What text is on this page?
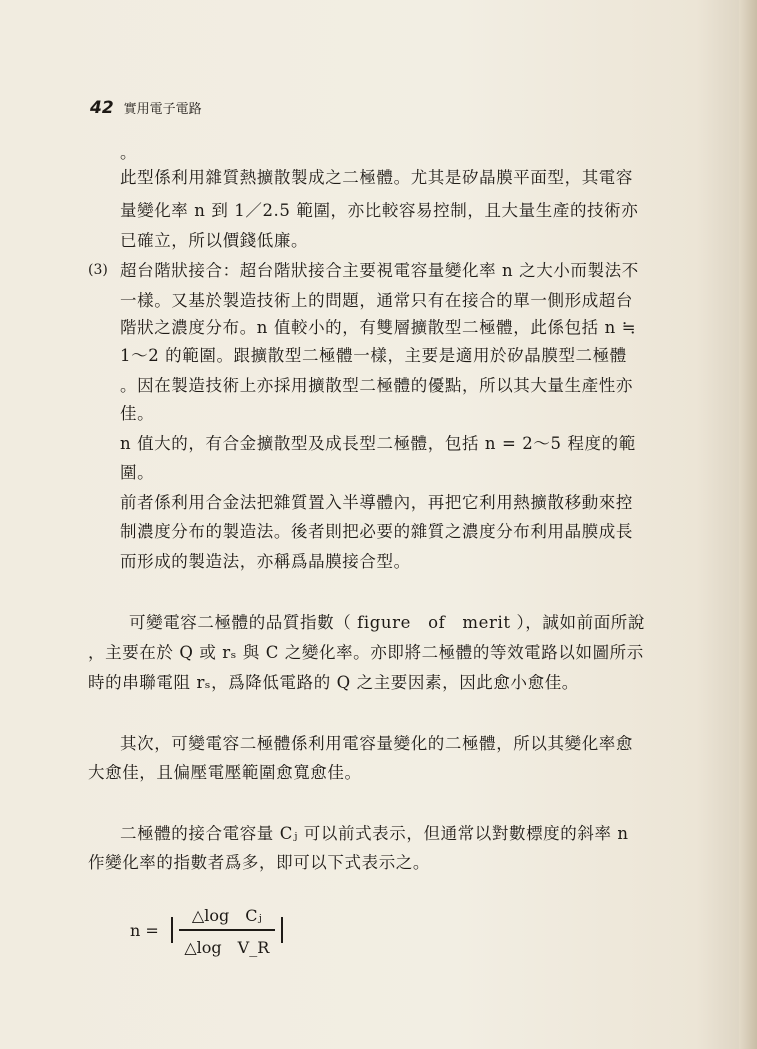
42 實用電子電路
。
此型係利用雜質熱擴散製成之二極體。尤其是矽晶膜平面型，其電容
量變化率 n 到 1／2.5 範圍，亦比較容易控制，且大量生產的技術亦
已確立，所以價錢低廉。
(3) 超台階狀接合：超台階狀接合主要視電容量變化率 n 之大小而製法不
一樣。又基於製造技術上的問題，通常只有在接合的單一側形成超台
階狀之濃度分布。n 值較小的，有雙層擴散型二極體，此係包括 n ≒
1～2 的範圍。跟擴散型二極體一樣，主要是適用於矽晶膜型二極體
。因在製造技術上亦採用擴散型二極體的優點，所以其大量生產性亦
佳。
n 值大的，有合金擴散型及成長型二極體，包括 n = 2～5 程度的範
圍。
前者係利用合金法把雜質置入半導體內，再把它利用熱擴散移動來控
制濃度分布的製造法。後者則把必要的雜質之濃度分布利用晶膜成長
而形成的製造法，亦稱爲晶膜接合型。
可變電容二極體的品質指數（ figure　of　merit ），誠如前面所說
，主要在於 Q 或 rₛ 與 C 之變化率。亦即將二極體的等效電路以如圖所示
時的串聯電阻 rₛ，爲降低電路的 Q 之主要因素，因此愈小愈佳。
其次，可變電容二極體係利用電容量變化的二極體，所以其變化率愈
大愈佳，且偏壓電壓範圍愈寬愈佳。
二極體的接合電容量 Cⱼ 可以前式表示，但通常以對數標度的斜率 n
作變化率的指數者爲多，即可以下式表示之。
$n = \frac{\text{△log　Cⱼ}}{\text{△log　V\_R}}$
